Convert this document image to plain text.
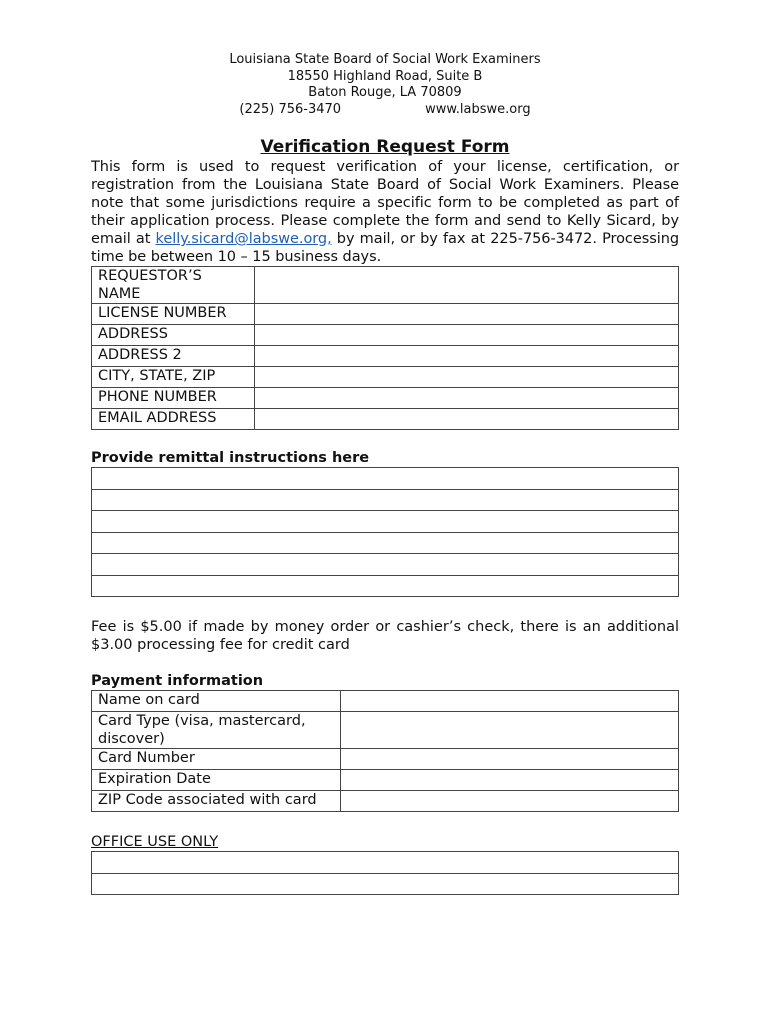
Louisiana State Board of Social Work Examiners
18550 Highland Road, Suite B
Baton Rouge, LA 70809
(225) 756-3470	www.labswe.org
Verification Request Form
This form is used to request verification of your license, certification, or registration from the Louisiana State Board of Social Work Examiners. Please note that some jurisdictions require a specific form to be completed as part of their application process. Please complete the form and send to Kelly Sicard, by email at kelly.sicard@labswe.org, by mail, or by fax at 225-756-3472. Processing time be between 10 – 15 business days.
REQUESTOR’S NAME	
LICENSE NUMBER	
ADDRESS	
ADDRESS 2	
CITY, STATE, ZIP	
PHONE NUMBER	
EMAIL ADDRESS	
Provide remittal instructions here

Fee is $5.00 if made by money order or cashier’s check, there is an additional $3.00 processing fee for credit card
Payment information
Name on card	
Card Type (visa, mastercard, discover)	
Card Number	
Expiration Date	
ZIP Code associated with card	
OFFICE USE ONLY
